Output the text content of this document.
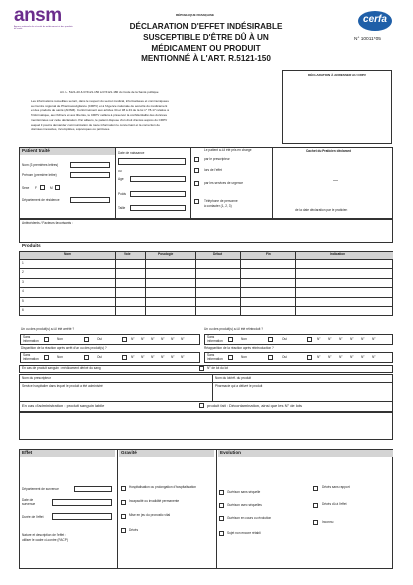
ansm
Agence nationale de sécurité du médicament et des produits de santé
RÉPUBLIQUE FRANÇAISE
DÉCLARATION D'EFFET INDÉSIRABLE
SUSCEPTIBLE D'ÊTRE DÛ À UN
MÉDICAMENT OU PRODUIT
MENTIONNÉ À L'ART. R.5121-150
cerfa
N° 10011*05
Art. L. 5121-20 & R.5121-150 à R.5121-180 du Code de la Santé publique
Les informations recueillies seront, dans le respect du secret médical, informatisées et communiquées
au Centre régional de Pharmacovigilance (CRPV) et à l'Agence nationale de sécurité du médicament
et des produits de santé (ANSM). Conformément aux articles 34 et 38 à 43 de la loi n° 78-17 relative à
l'informatique, aux fichiers et aux libertés, le CRPV veillera à préserver la confidentialité des données
mentionnées sur cette déclaration. Par ailleurs, le patient dispose d'un droit d'accès auprès du CRPV
auquel il pourra demander communication de toute information le concernant et la correction de
données inexactes, incomplètes, équivoques ou périmées.
DÉCLARATION À ADRESSER AU CRPV
Patient traité
Nom (3 premières lettres)
Prénom (première lettre)
Sexe F	M
Département de résidence
Date de naissance
ou
Age
Poids
Taille
Le patient a-t-il été pris en charge
par le prescripteur
lors de l'effet
par les services de urgence
Téléphone de personne
à contacter (1, 2, 3)
Cachet du Praticien déclarant
—
de la date déclaration par le praticien
Antécédents / Facteurs favorisants :
Produits
Nom	Voie	Posologie	Début	Fin	Indication
1
2
3
4
5
6
Un ou des produit(s) a-t-il été arrêté ?	Un ou des produit(s) a-t-il été réintroduit ?
Sans information	Non	Oui	N° N° N° N° N° N°	Sans information	Non	Oui	N° N° N° N° N° N°
Disparition de la réaction après arrêt d'un ou des produit(s) ?	Réapparition de la réaction après réintroduction ?
Sans information	Non	Oui	N° N° N° N° N° N°	Sans information	Non	Oui	N° N° N° N° N° N°
En cas de produit sanguin : médicament dérivé du sang	N° de lot du lot
Nom du prescripteur	Nom du lot/réf. du produit
Service hospitalier dans lequel le produit a été administré	Pharmacie qui a délivré le produit
En cas d'administration : produit sanguin labile	produit fait : Décontamination, ainsi que les N° de lots
Effet	Gravité	Evolution
Département de survenue
Date de survenue
Durée de l'effet
Nature et description de l'effet :
utiliser le cadre ci-contre (FACP)
Hospitalisation ou prolongation d'hospitalisation
Incapacité ou invalidité permanente
Mise en jeu du pronostic vital
Décès
Guérison sans séquelle
Guérison avec séquelles
Guérison en cours ou évolution
Sujet non encore rétabli
Décès sans rapport
Décès dû à l'effet
Inconnu
